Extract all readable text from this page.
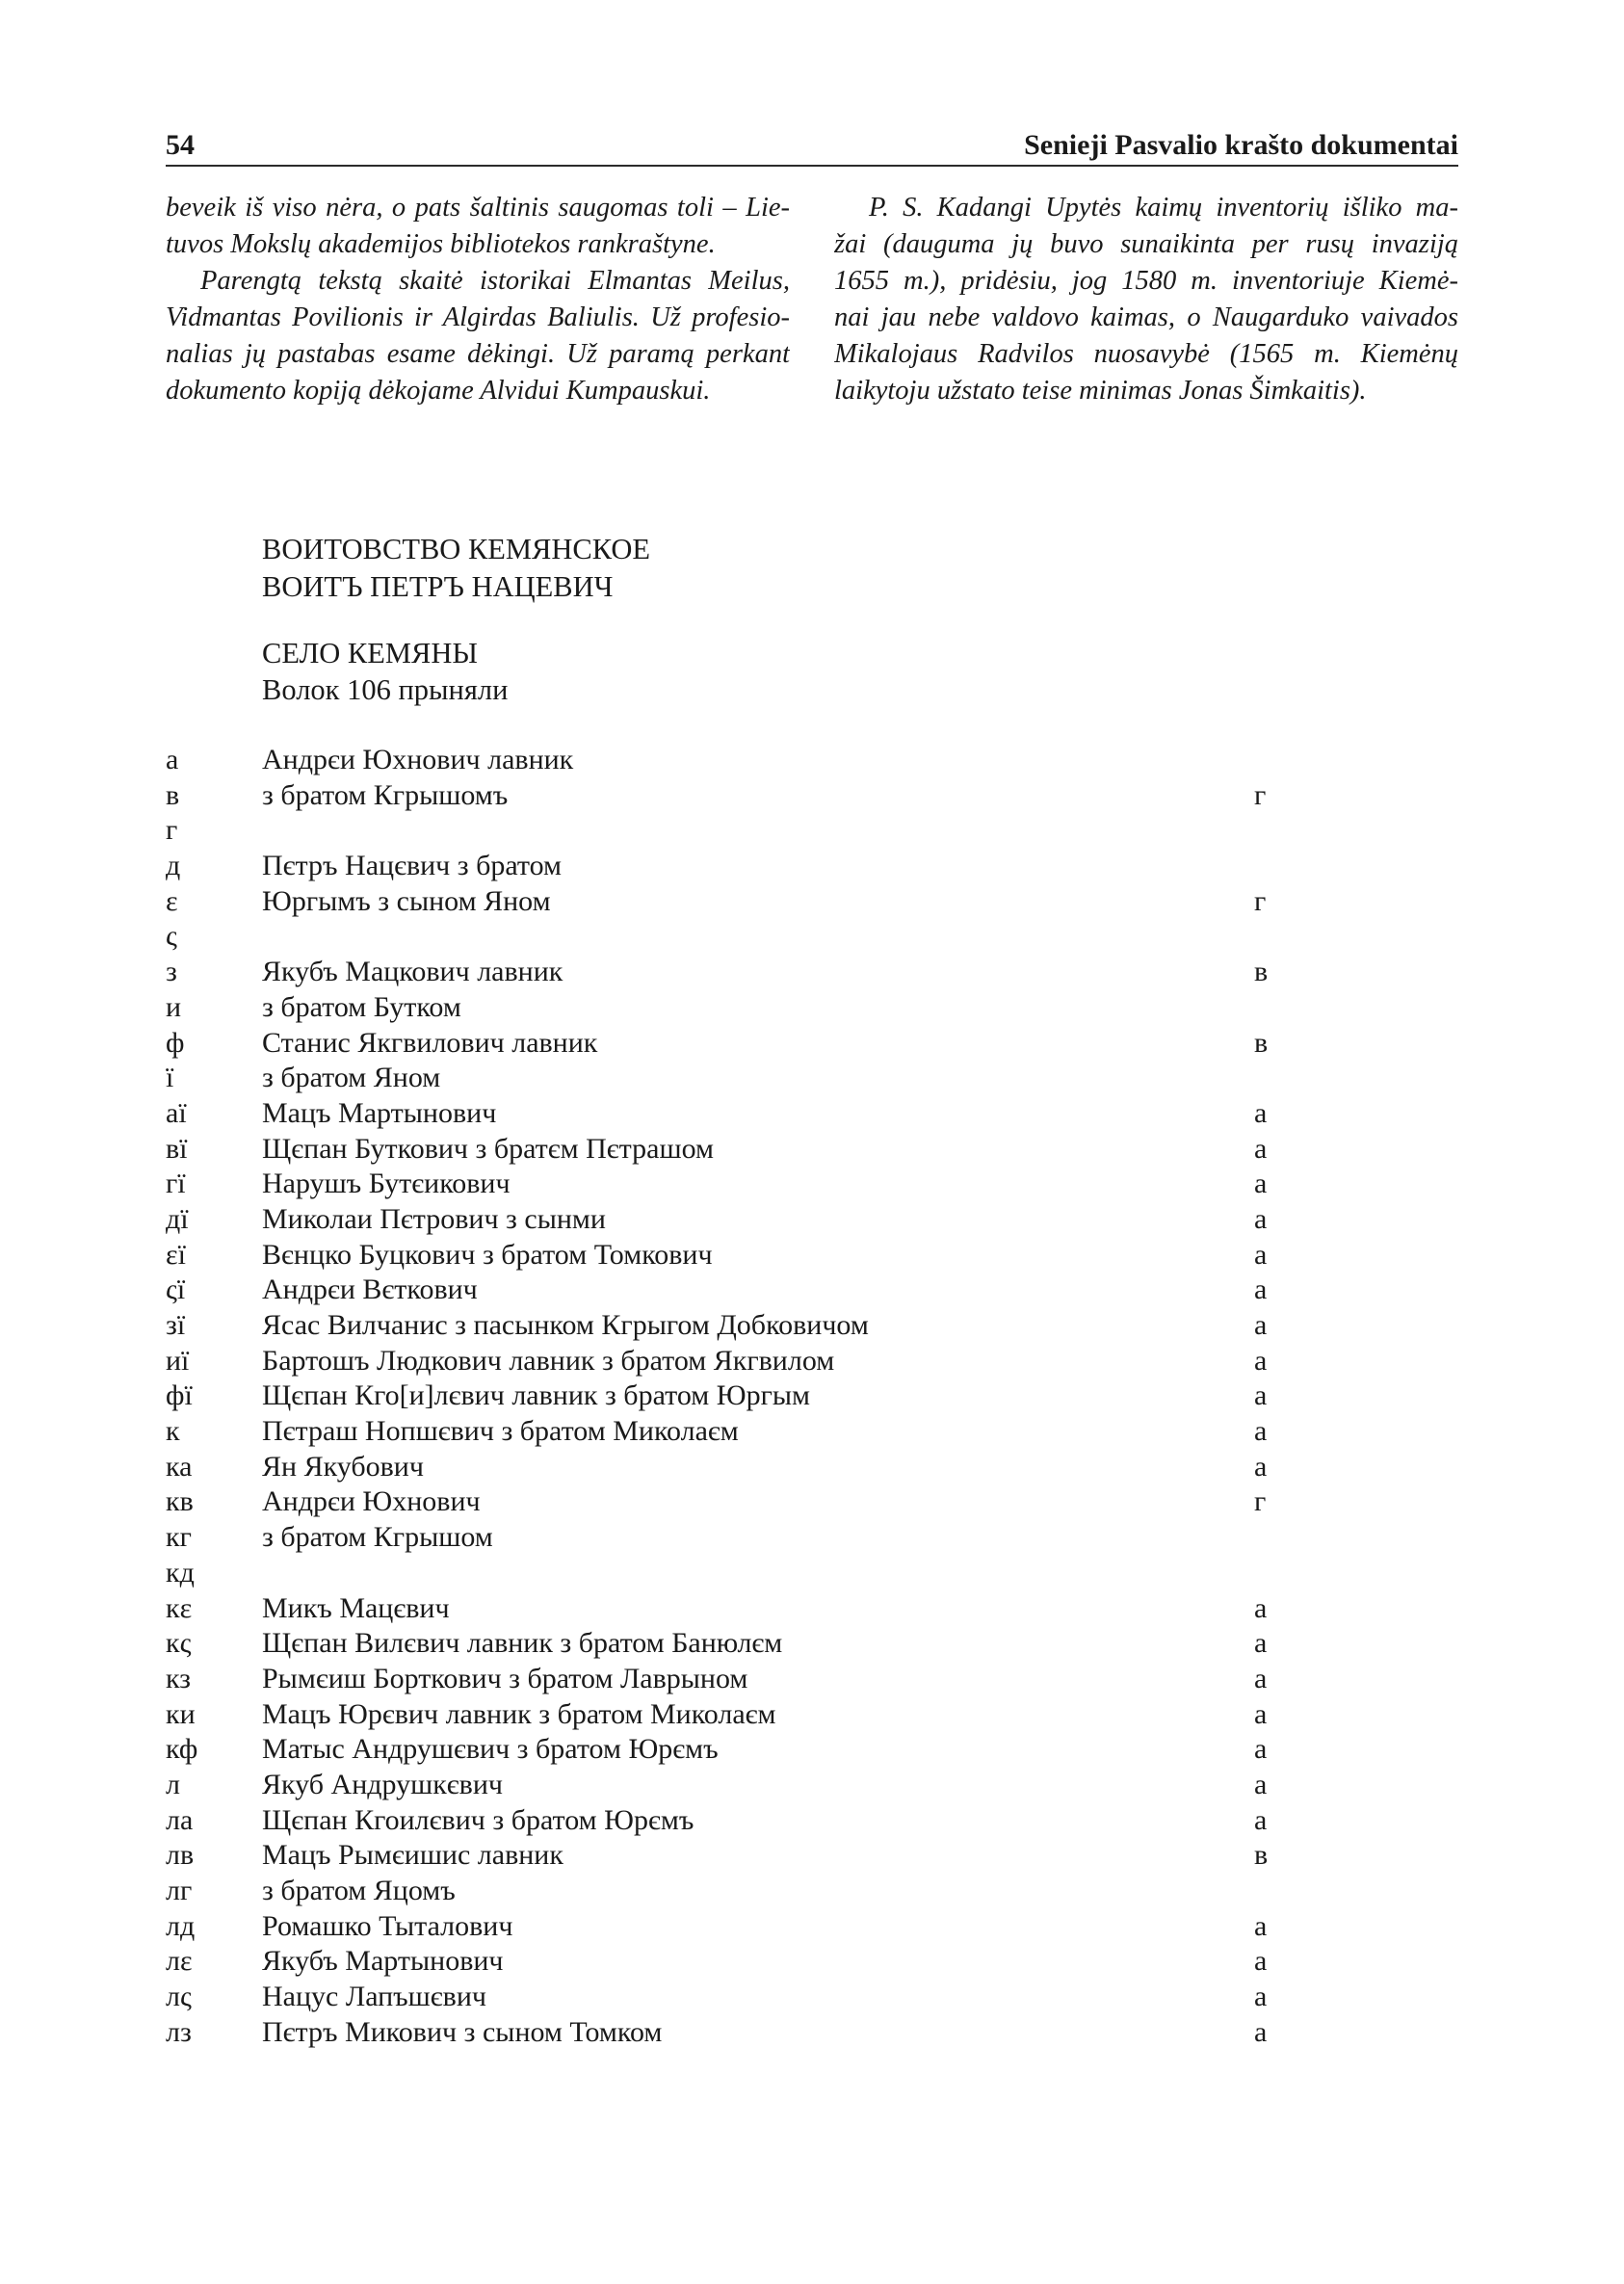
54	Senieji Pasvalio krašto dokumentai
beveik iš viso nėra, o pats šaltinis saugomas toli – Lie-
tuvos Mokslų akademijos bibliotekos rankraštyne.
Parengtą tekstą skaitė istorikai Elmantas Meilus,
Vidmantas Povilionis ir Algirdas Baliulis. Už profesio-
nalias jų pastabas esame dėkingi. Už paramą perkant
dokumento kopiją dėkojame Alvidui Kumpauskui.
P. S. Kadangi Upytės kaimų inventorių išliko ma-
žai (dauguma jų buvo sunaikinta per rusų invaziją
1655 m.), pridėsiu, jog 1580 m. inventoriuje Kiemė-
nai jau nebe valdovo kaimas, o Naugarduko vaivados
Mikalojaus Radvilos nuosavybė (1565 m. Kiemėnų
laikytoju užstato teise minimas Jonas Šimkaitis).
ВОИТОВСТВО КЕМЯНСКОЕ
ВОИТЪ ПЕТРЪ НАЦЕВИЧ
СЕЛО КЕМЯНЫ
Волок 106 прыняли
а	Андрєи Юхнович лавник
в	з братом Кгрышомъ	г
г
д	Пєтръ Нацєвич з братом
ε	Юргымъ з сыном Яном	г
ς
з	Якубъ Мацкович лавник	в
и	з братом Бутком
ф	Станис Якгвилович лавник	в
ї	з братом Яном
аї	Мацъ Мартынович	а
вї	Щєпан Буткович з братєм Пєтрашом	а
гї	Нарушъ Бутєикович	а
дї	Миколаи Пєтрович з сынми	а
εї	Вєнцко Буцкович з братом Томкович	а
ςї	Андрєи Вєткович	а
зї	Ясас Вилчанис з пасынком Кгрыгом Добковичом	а
иї	Бартошъ Людкович лавник з братом Якгвилом	а
фї	Щєпан Кго[и]лєвич лавник з братом Юргым	а
к	Пєтраш Нопшєвич з братом Миколаєм	а
ка	Ян Якубович	а
кв	Андрєи Юхнович	г
кг	з братом Кгрышом
кд
кε	Микъ Мацєвич	а
кς	Щєпан Вилєвич лавник з братом Банюлєм	а
кз	Рымєиш Борткович з братом Лаврыном	а
ки	Мацъ Юрєвич лавник з братом Миколаєм	а
кф	Матыс Андрушєвич з братом Юрємъ	а
л	Якуб Андрушкєвич	а
ла	Щєпан Кгоилєвич з братом Юрємъ	а
лв	Мацъ Рымєишис лавник	в
лг	з братом Яцомъ
лд	Ромашко Тыталович	а
лε	Якубъ Мартынович	а
лς	Нацус Лапъшєвич	а
лз	Пєтръ Микович з сыном Томком	а
